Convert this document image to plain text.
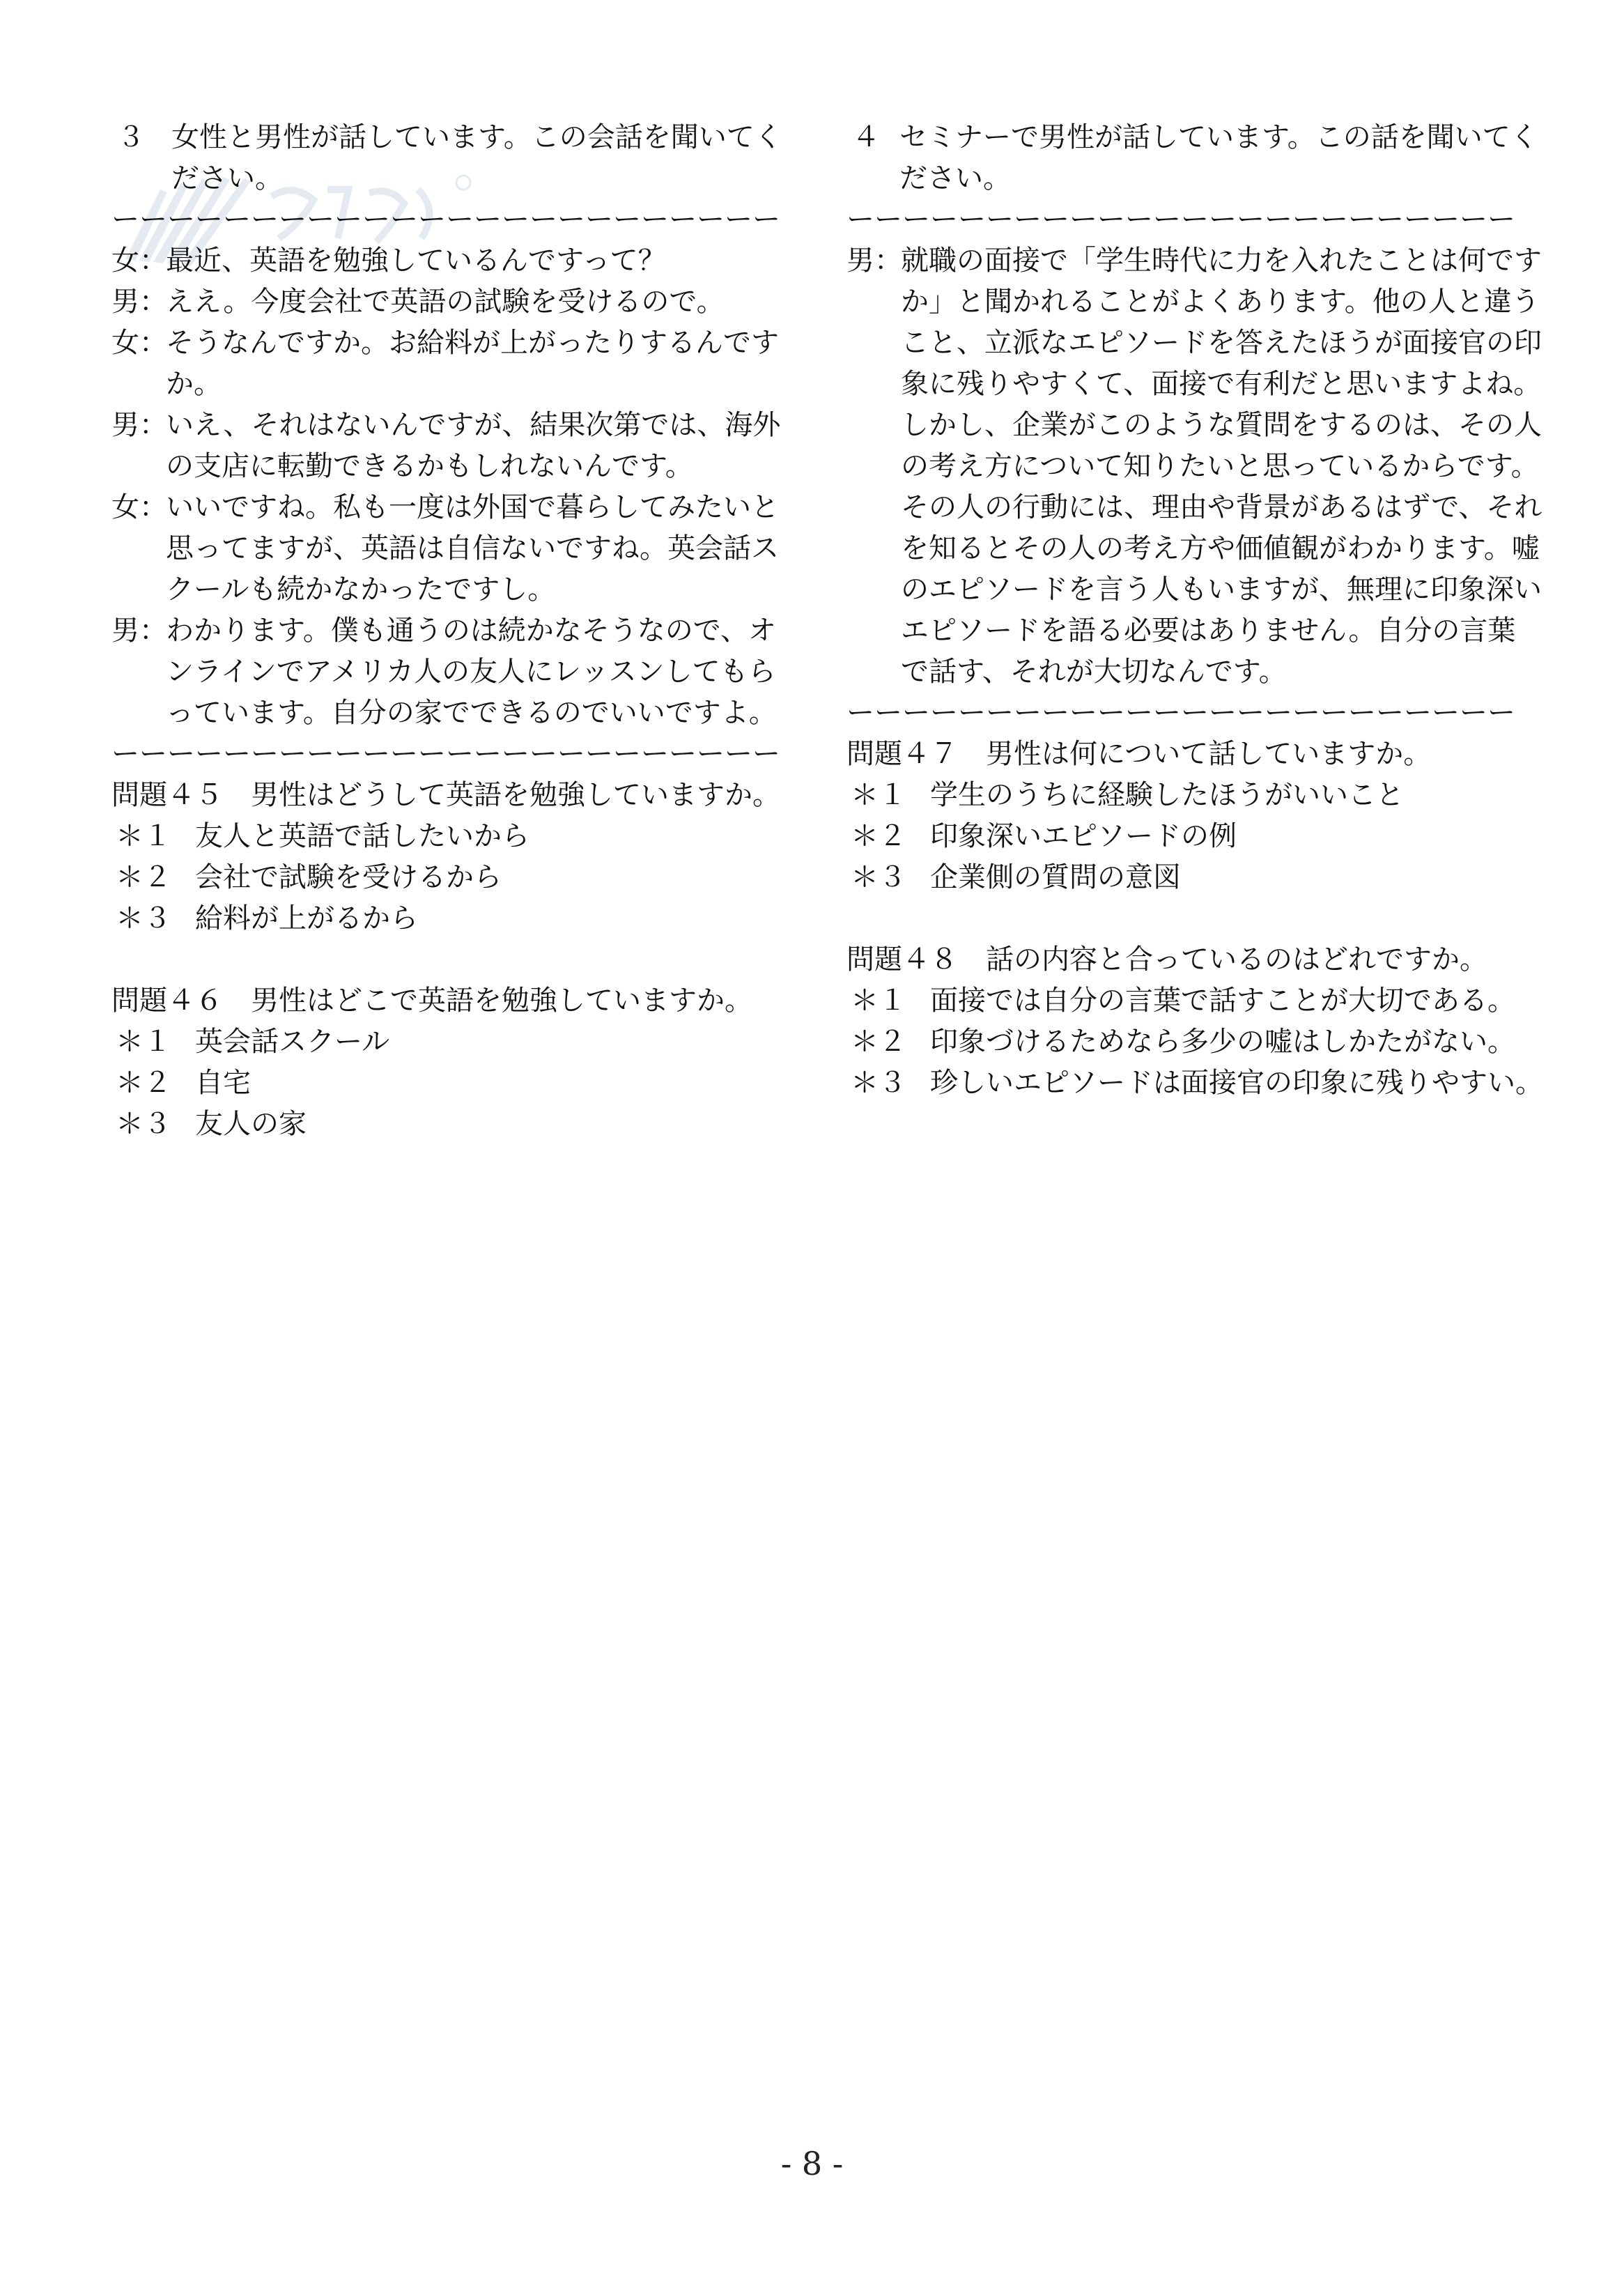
３ 女性と男性が話しています。この会話を聞いてください。
ーーーーーーーーーーーーーーーーーーーーーーーー
女：
最近、英語を勉強しているんですって？
男：
ええ。今度会社で英語の試験を受けるので。
女：
そうなんですか。お給料が上がったりするんですか。
男：
いえ、それはないんですが、結果次第では、海外の支店に転勤できるかもしれないんです。
女：
いいですね。私も一度は外国で暮らしてみたいと思ってますが、英語は自信ないですね。英会話スクールも続かなかったですし。
男：
わかります。僕も通うのは続かなそうなので、オンラインでアメリカ人の友人にレッスンしてもらっています。自分の家でできるのでいいですよ。
ーーーーーーーーーーーーーーーーーーーーーーーー
問題４５　男性はどうして英語を勉強していますか。
＊１ 友人と英語で話したいから
＊２ 会社で試験を受けるから
＊３ 給料が上がるから
問題４６　男性はどこで英語を勉強していますか。
＊１ 英会話スクール
＊２ 自宅
＊３ 友人の家
４ セミナーで男性が話しています。この話を聞いてください。
ーーーーーーーーーーーーーーーーーーーーーーーー
男：
就職の面接で「学生時代に力を入れたことは何ですか」と聞かれることがよくあります。他の人と違うこと、立派なエピソードを答えたほうが面接官の印象に残りやすくて、面接で有利だと思いますよね。しかし、企業がこのような質問をするのは、その人の考え方について知りたいと思っているからです。その人の行動には、理由や背景があるはずで、それを知るとその人の考え方や価値観がわかります。嘘のエピソードを言う人もいますが、無理に印象深いエピソードを語る必要はありません。自分の言葉で話す、それが大切なんです。
ーーーーーーーーーーーーーーーーーーーーーーーー
問題４７　男性は何について話していますか。
＊１ 学生のうちに経験したほうがいいこと
＊２ 印象深いエピソードの例
＊３ 企業側の質問の意図
問題４８　話の内容と合っているのはどれですか。
＊１ 面接では自分の言葉で話すことが大切である。
＊２ 印象づけるためなら多少の嘘はしかたがない。
＊３ 珍しいエピソードは面接官の印象に残りやすい。
- 8 -
